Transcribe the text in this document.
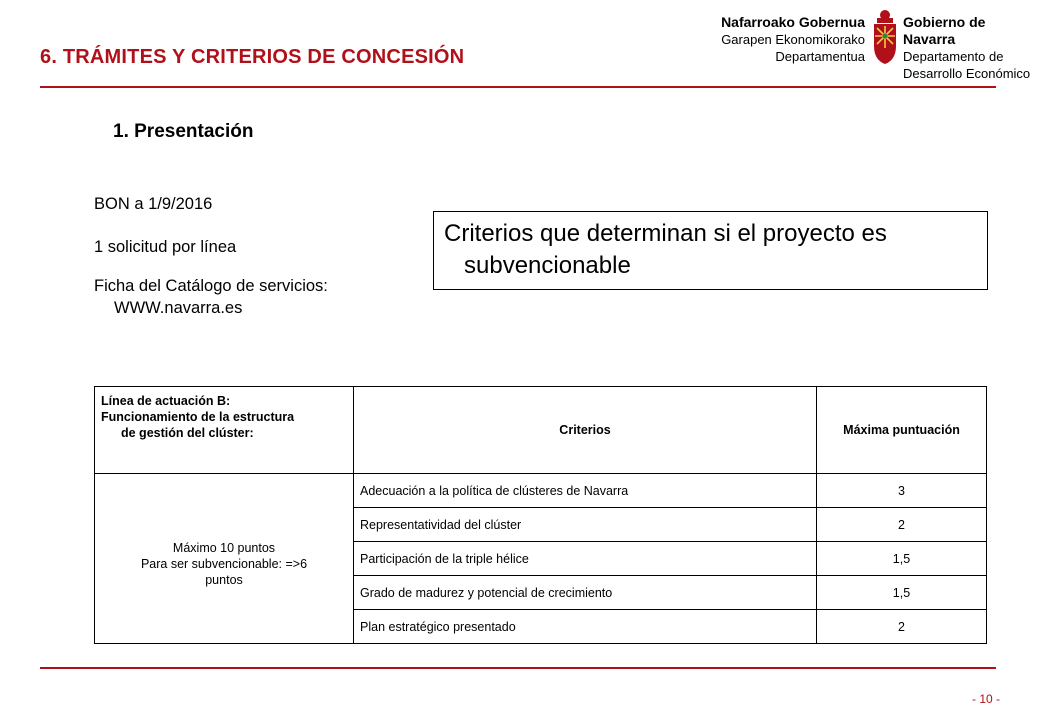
6. TRÁMITES Y CRITERIOS DE CONCESIÓN
Nafarroako Gobernua
Garapen Ekonomikorako
Departamentua
Gobierno de Navarra
Departamento de
Desarrollo Económico
1. Presentación
BON a 1/9/2016
1 solicitud por línea
Ficha del Catálogo de servicios:
WWW.navarra.es
Criterios que determinan si el proyecto es
subvencionable
Línea de actuación B:
Funcionamiento de la estructura
de gestión del clúster:	Criterios	Máxima puntuación
Máximo 10 puntos
Para ser subvencionable: =>6
puntos	Adecuación a la política de clústeres de Navarra	3
	Representatividad del clúster	2
	Participación de la triple hélice	1,5
	Grado de madurez y potencial de crecimiento	1,5
	Plan estratégico presentado	2
- 10 -
